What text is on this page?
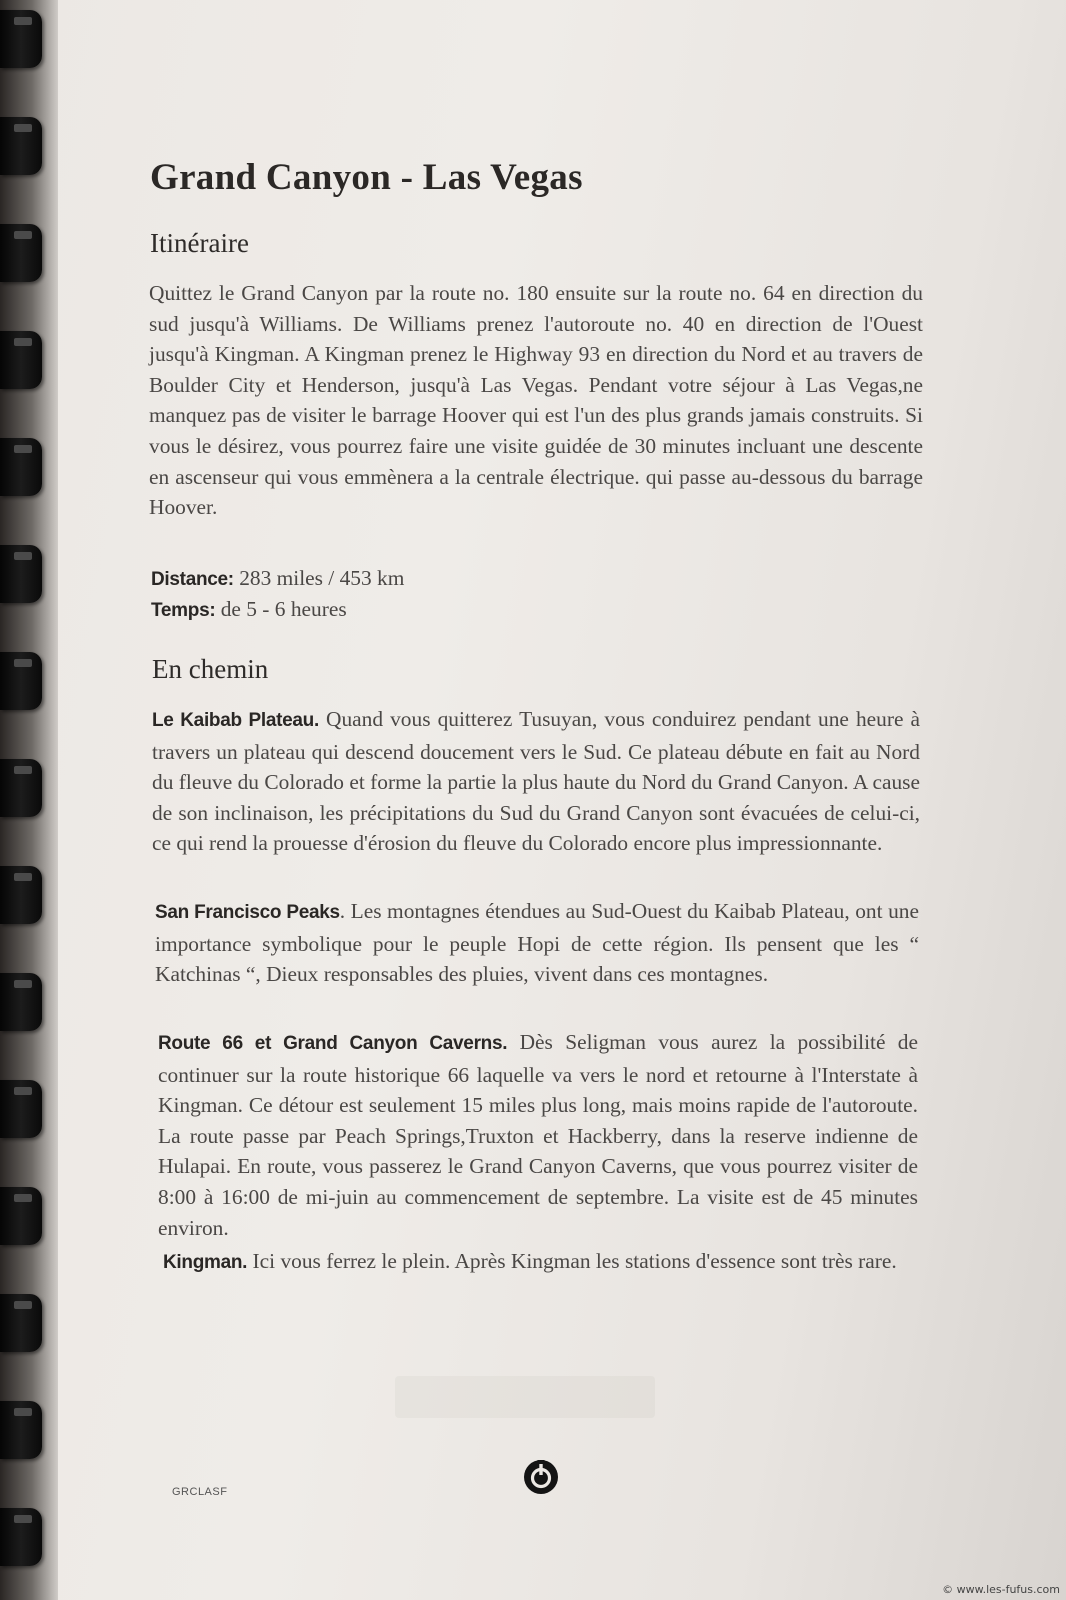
Grand Canyon - Las Vegas
Itinéraire

Quittez le Grand Canyon par la route no. 180 ensuite sur la route no. 64 en direction du sud jusqu'à Williams. De Williams prenez l'autoroute no. 40 en direction de l'Ouest jusqu'à Kingman. A Kingman prenez le Highway 93 en direction du Nord et au travers de Boulder City et Henderson, jusqu'à Las Vegas. Pendant votre séjour à Las Vegas,ne manquez pas de visiter le barrage Hoover qui est l'un des plus grands jamais construits. Si vous le désirez, vous pourrez faire une visite guidée de 30 minutes incluant une descente en ascenseur qui vous emmènera a la centrale électrique. qui passe au-dessous du barrage Hoover.

Distance: 283 miles / 453 km
Temps: de 5 - 6 heures
En chemin

Le Kaibab Plateau. Quand vous quitterez Tusuyan, vous conduirez pendant une heure à travers un plateau qui descend doucement vers le Sud. Ce plateau débute en fait au Nord du fleuve du Colorado et forme la partie la plus haute du Nord du Grand Canyon. A cause de son inclinaison, les précipitations du Sud du Grand Canyon sont évacuées de celui-ci, ce qui rend la prouesse d'érosion du fleuve du Colorado encore plus impressionnante.

San Francisco Peaks. Les montagnes étendues au Sud-Ouest du Kaibab Plateau, ont une importance symbolique pour le peuple Hopi de cette région. Ils pensent que les “ Katchinas “, Dieux responsables des pluies, vivent dans ces montagnes.

Route 66 et Grand Canyon Caverns. Dès Seligman vous aurez la possibilité de continuer sur la route historique 66 laquelle va vers le nord et retourne à l'Interstate à Kingman. Ce détour est seulement 15 miles plus long, mais moins rapide de l'autoroute. La route passe par Peach Springs,Truxton et Hackberry, dans la reserve indienne de Hulapai. En route, vous passerez le Grand Canyon Caverns, que vous pourrez visiter de 8:00 à 16:00 de mi-juin au commencement de septembre. La visite est de 45 minutes environ.

Kingman. Ici vous ferrez le plein. Après Kingman les stations d'essence sont très rare.

GRCLASF
© www.les-fufus.com
